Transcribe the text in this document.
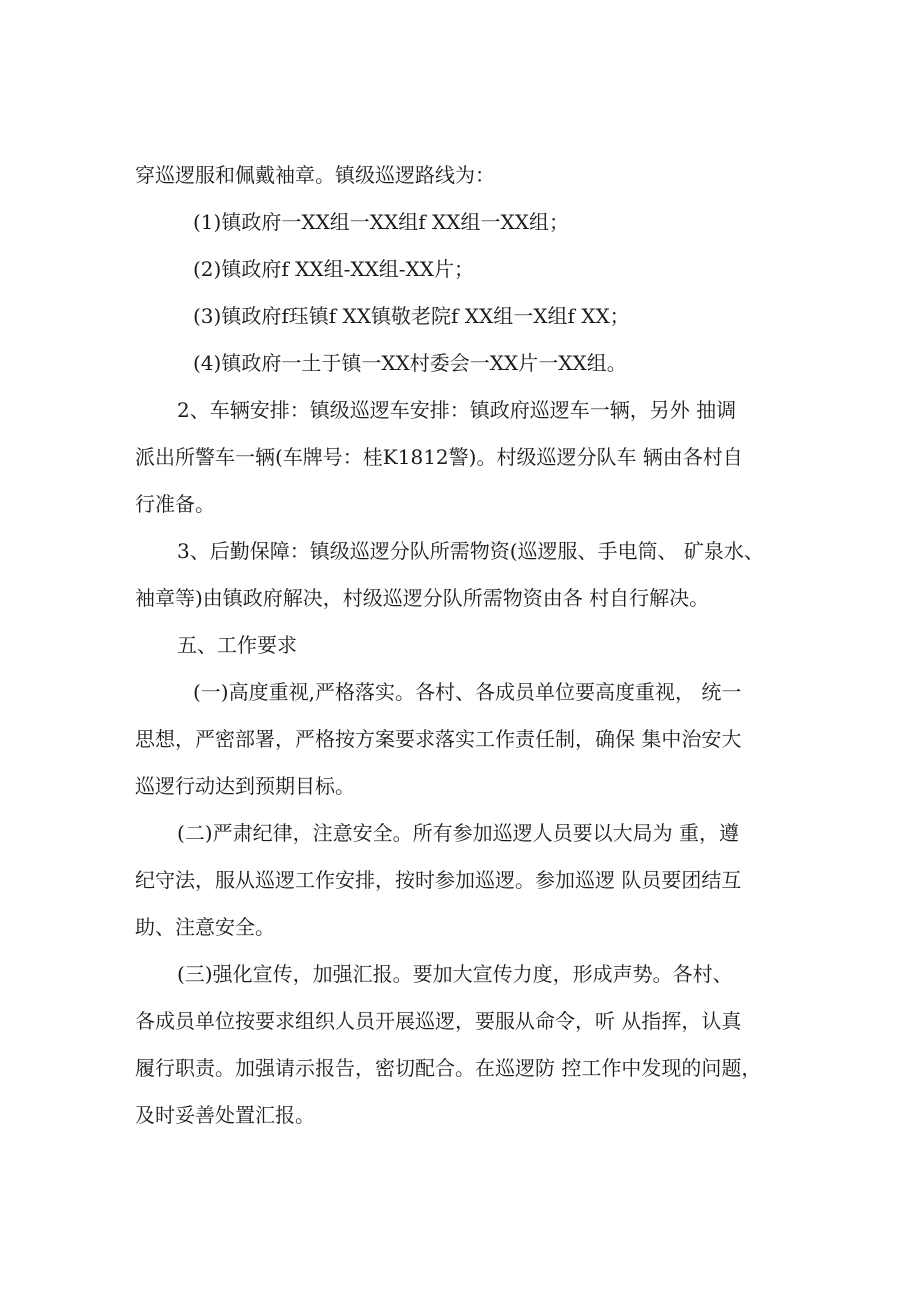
穿巡逻服和佩戴袖章。镇级巡逻路线为：

(1)镇政府一XX组一XX组f XX组一XX组；

(2)镇政府f XX组-XX组-XX片；

(3)镇政府f珏镇f XX镇敬老院f XX组一X组f XX；

(4)镇政府一土于镇一XX村委会一XX片一XX组。

2、车辆安排：镇级巡逻车安排：镇政府巡逻车一辆，另外 抽调

派出所警车一辆(车牌号：桂K1812警)。村级巡逻分队车 辆由各村自

行准备。

3、后勤保障：镇级巡逻分队所需物资(巡逻服、手电筒、 矿泉水、

袖章等)由镇政府解决，村级巡逻分队所需物资由各 村自行解决。

五、工作要求

(一)高度重视,严格落实。各村、各成员单位要高度重视， 统一

思想，严密部署，严格按方案要求落实工作责任制，确保 集中治安大

巡逻行动达到预期目标。

(二)严肃纪律，注意安全。所有参加巡逻人员要以大局为 重，遵

纪守法，服从巡逻工作安排，按时参加巡逻。参加巡逻 队员要团结互

助、注意安全。

(三)强化宣传，加强汇报。要加大宣传力度，形成声势。各村、

各成员单位按要求组织人员开展巡逻，要服从命令，听 从指挥，认真

履行职责。加强请示报告，密切配合。在巡逻防 控工作中发现的问题，

及时妥善处置汇报。
